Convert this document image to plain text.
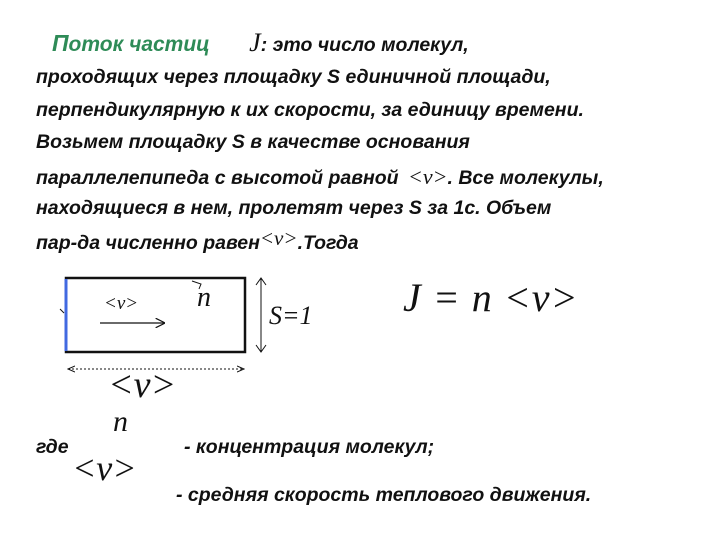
Поток частиц J: это число молекул,
проходящих через площадку S единичной площади,
перпендикулярную к их скорости, за единицу времени.
Возьмем площадку S в качестве основания
параллелепипеда с высотой равной <v>. Все молекулы,
находящиеся в нем, пролетят через S за 1с. Объем
пар-да численно равен<v>.Тогда
<v> n
S=1
<v>
J = n <v>
n
где	- концентрация молекул;
<v>
- средняя скорость теплового движения.
